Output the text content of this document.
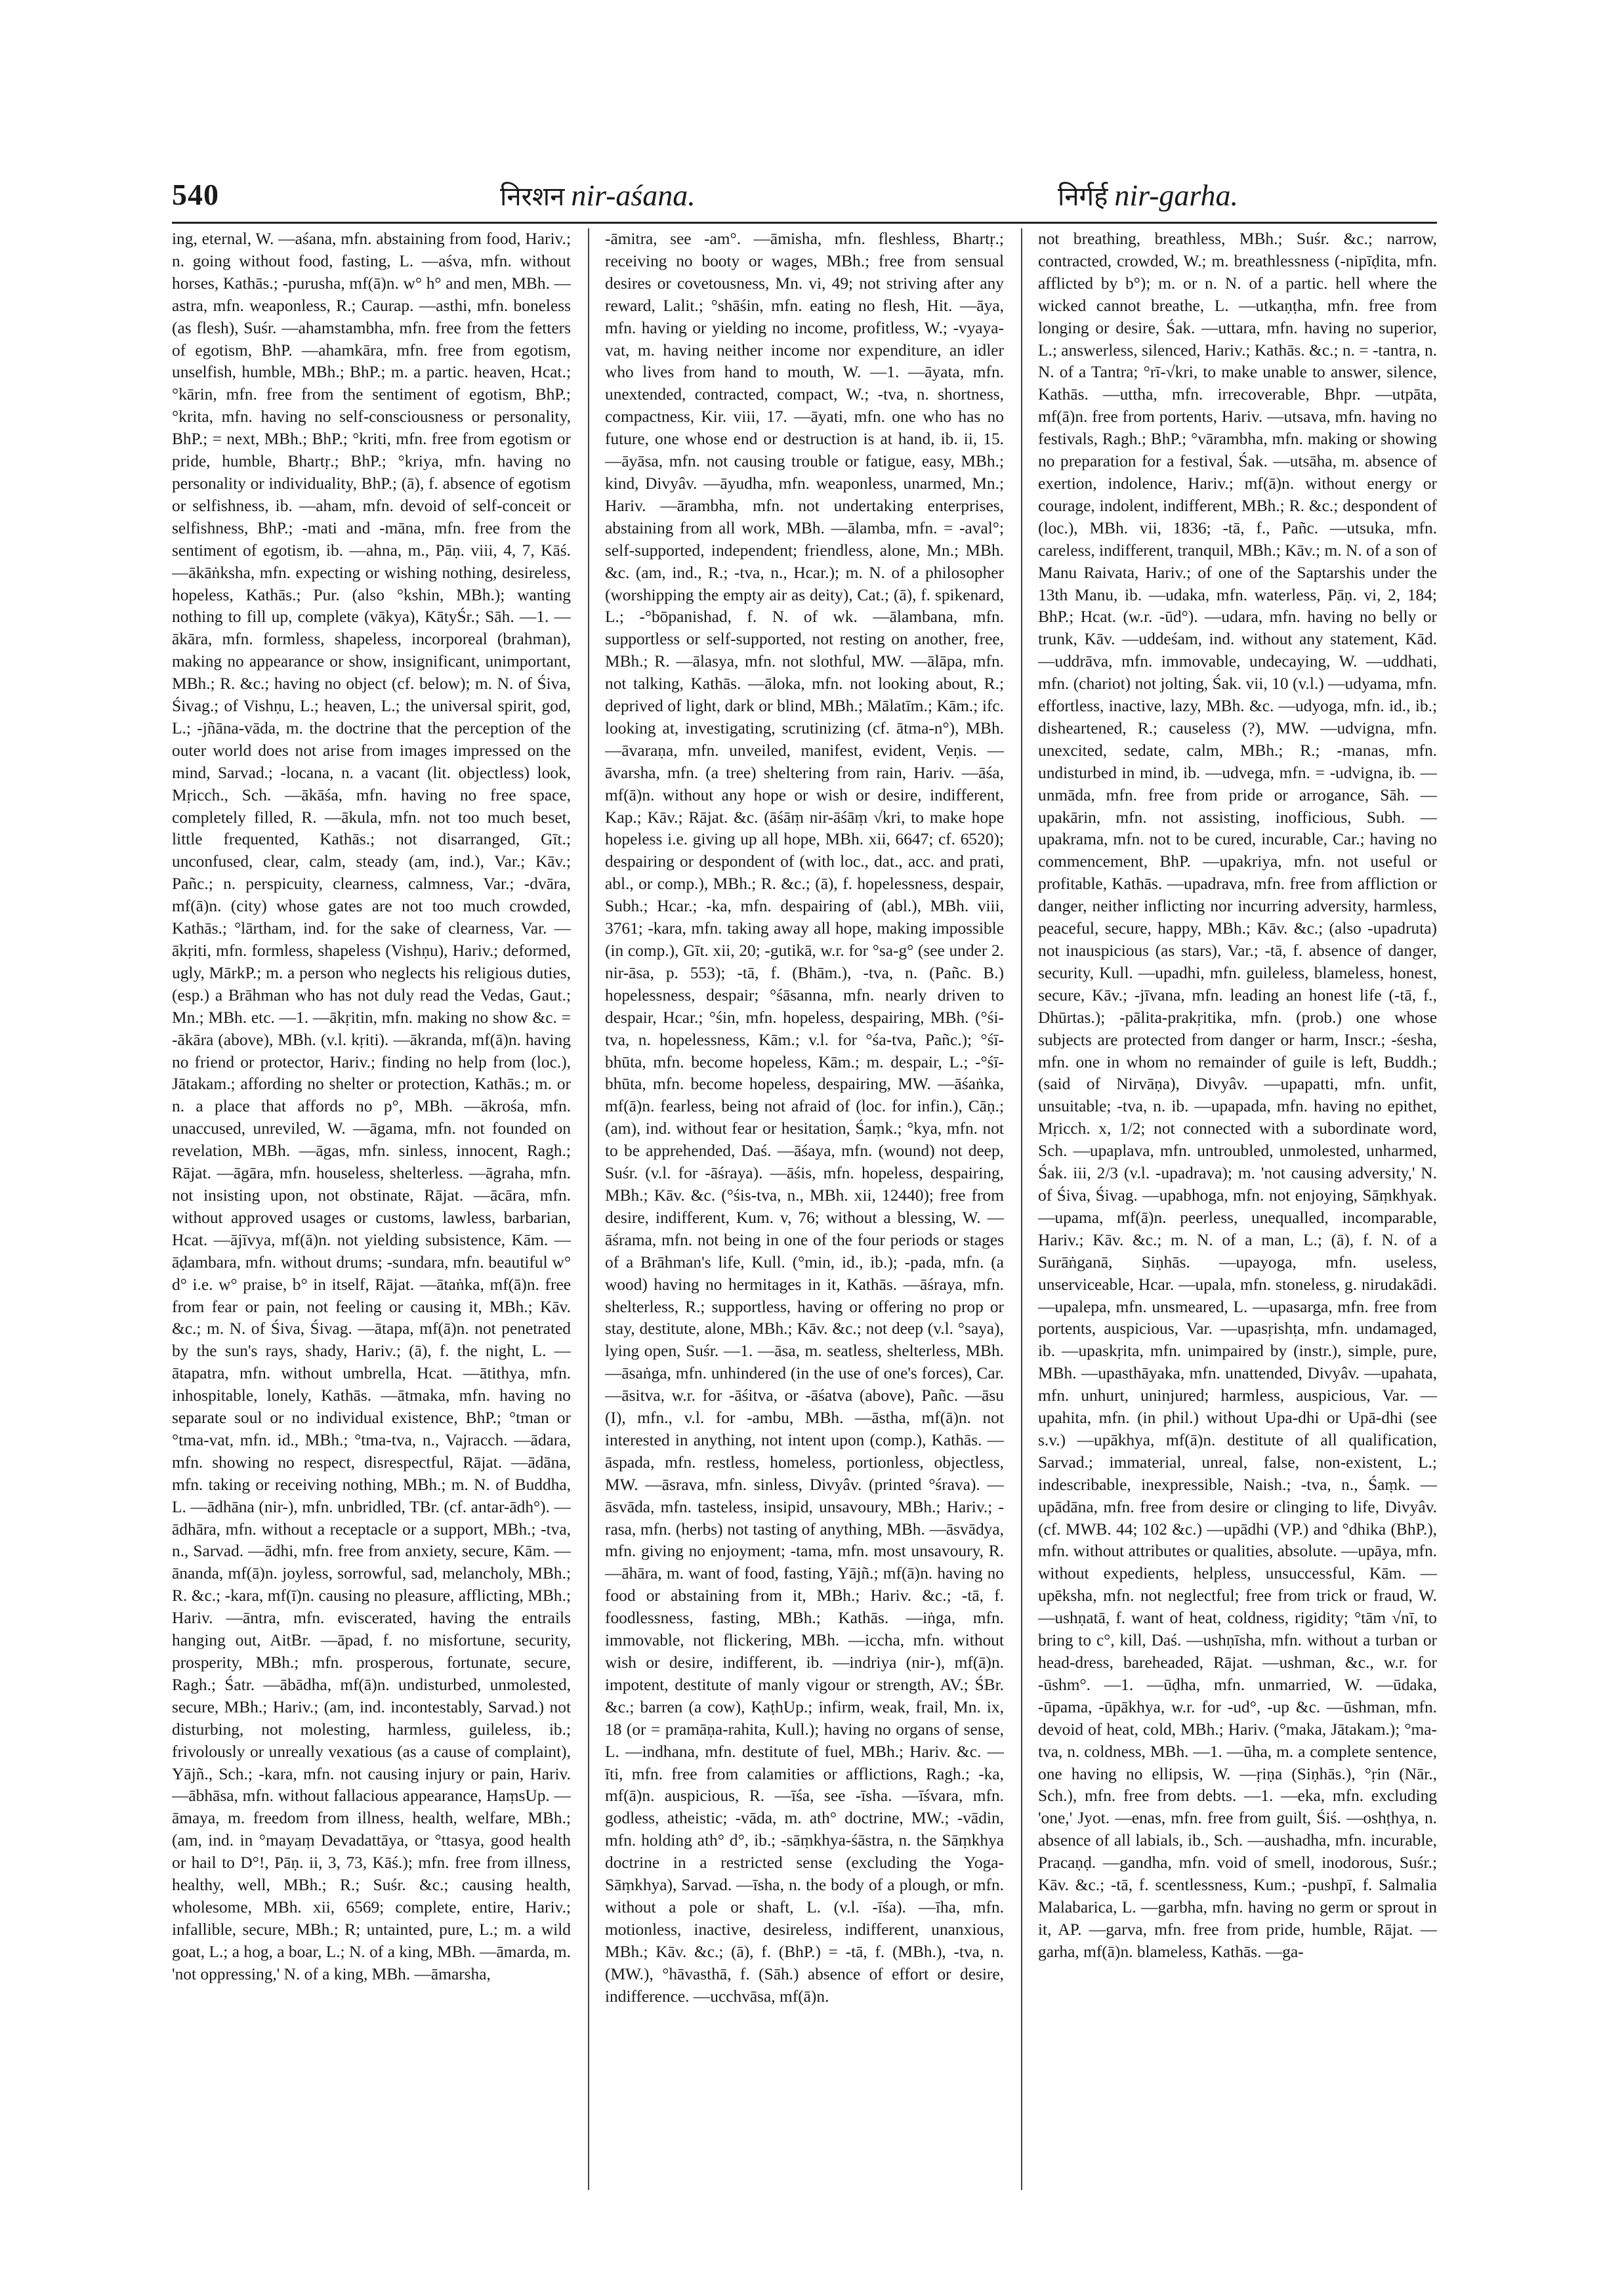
540	निरशन nir-aśana.	निर्गर्ह nir-garha.

ing, eternal, W. —aśana, mfn. abstaining from food, Hariv.; n. going without food, fasting, L. —aśva, mfn. without horses, Kathās.; -purusha, mf(ā)n. w° h° and men, MBh. —astra, mfn. weaponless, R.; Caurap. —asthi, mfn. boneless (as flesh), Suśr. —ahamstambha, mfn. free from the fetters of egotism, BhP. —ahamkāra, mfn. free from egotism, unselfish, humble, MBh.; BhP.; m. a partic. heaven, Hcat.; °kārin, mfn. free from the sentiment of egotism, BhP.; °krita, mfn. having no self-consciousness or personality, BhP.; = next, MBh.; BhP.; °kriti, mfn. free from egotism or pride, humble, Bhartṛ.; BhP.; °kriya, mfn. having no personality or individuality, BhP.; (ā), f. absence of egotism or selfishness, ib. —aham, mfn. devoid of self-conceit or selfishness, BhP.; -mati and -māna, mfn. free from the sentiment of egotism, ib. —ahna, m., Pāṇ. viii, 4, 7, Kāś. —ākāṅksha, mfn. expecting or wishing nothing, desireless, hopeless, Kathās.; Pur. (also °kshin, MBh.); wanting nothing to fill up, complete (vākya), KātyŚr.; Sāh. —1. —ākāra, mfn. formless, shapeless, incorporeal (brahman), making no appearance or show, insignificant, unimportant, MBh.; R. &c.; having no object (cf. below); m. N. of Śiva, Śivag.; of Vishṇu, L.; heaven, L.; the universal spirit, god, L.; -jñāna-vāda, m. the doctrine that the perception of the outer world does not arise from images impressed on the mind, Sarvad.; -locana, n. a vacant (lit. objectless) look, Mṛicch., Sch. —ākāśa, mfn. having no free space, completely filled, R. —ākula, mfn. not too much beset, little frequented, Kathās.; not disarranged, Gīt.; unconfused, clear, calm, steady (am, ind.), Var.; Kāv.; Pañc.; n. perspicuity, clearness, calmness, Var.; -dvāra, mf(ā)n. (city) whose gates are not too much crowded, Kathās.; °lārtham, ind. for the sake of clearness, Var. —ākṛiti, mfn. formless, shapeless (Vishṇu), Hariv.; deformed, ugly, MārkP.; m. a person who neglects his religious duties, (esp.) a Brāhman who has not duly read the Vedas, Gaut.; Mn.; MBh. etc. —1. —ākṛitin, mfn. making no show &c. = -ākāra (above), MBh. (v.l. kṛiti). —ākranda, mf(ā)n. having no friend or protector, Hariv.; finding no help from (loc.), Jātakam.; affording no shelter or protection, Kathās.; m. or n. a place that affords no p°, MBh. —ākrośa, mfn. unaccused, unreviled, W. —āgama, mfn. not founded on revelation, MBh. —āgas, mfn. sinless, innocent, Ragh.; Rājat. —āgāra, mfn. houseless, shelterless. —āgraha, mfn. not insisting upon, not obstinate, Rājat. —ācāra, mfn. without approved usages or customs, lawless, barbarian, Hcat. —ājīvya, mf(ā)n. not yielding subsistence, Kām. —āḍambara, mfn. without drums; -sundara, mfn. beautiful w° d° i.e. w° praise, b° in itself, Rājat. —ātaṅka, mf(ā)n. free from fear or pain, not feeling or causing it, MBh.; Kāv. &c.; m. N. of Śiva, Śivag. —ātapa, mf(ā)n. not penetrated by the sun's rays, shady, Hariv.; (ā), f. the night, L. —ātapatra, mfn. without umbrella, Hcat. —ātithya, mfn. inhospitable, lonely, Kathās. —ātmaka, mfn. having no separate soul or no individual existence, BhP.; °tman or °tma-vat, mfn. id., MBh.; °tma-tva, n., Vajracch. —ādara, mfn. showing no respect, disrespectful, Rājat. —ādāna, mfn. taking or receiving nothing, MBh.; m. N. of Buddha, L. —ādhāna (nir-), mfn. unbridled, TBr. (cf. antar-ādh°). —ādhāra, mfn. without a receptacle or a support, MBh.; -tva, n., Sarvad. —ādhi, mfn. free from anxiety, secure, Kām. —ānanda, mf(ā)n. joyless, sorrowful, sad, melancholy, MBh.; R. &c.; -kara, mf(ī)n. causing no pleasure, afflicting, MBh.; Hariv. —āntra, mfn. eviscerated, having the entrails hanging out, AitBr. —āpad, f. no misfortune, security, prosperity, MBh.; mfn. prosperous, fortunate, secure, Ragh.; Śatr. —ābādha, mf(ā)n. undisturbed, unmolested, secure, MBh.; Hariv.; (am, ind. incontestably, Sarvad.) not disturbing, not molesting, harmless, guileless, ib.; frivolously or unreally vexatious (as a cause of complaint), Yājñ., Sch.; -kara, mfn. not causing injury or pain, Hariv. —ābhāsa, mfn. without fallacious appearance, HaṃsUp. —āmaya, m. freedom from illness, health, welfare, MBh.; (am, ind. in °mayaṃ Devadattāya, or °ttasya, good health or hail to D°!, Pāṇ. ii, 3, 73, Kāś.); mfn. free from illness, healthy, well, MBh.; R.; Suśr. &c.; causing health, wholesome, MBh. xii, 6569; complete, entire, Hariv.; infallible, secure, MBh.; R; untainted, pure, L.; m. a wild goat, L.; a hog, a boar, L.; N. of a king, MBh. —āmarda, m. 'not oppressing,' N. of a king, MBh. —āmarsha,

-āmitra, see -am°. —āmisha, mfn. fleshless, Bhartṛ.; receiving no booty or wages, MBh.; free from sensual desires or covetousness, Mn. vi, 49; not striving after any reward, Lalit.; °shāśin, mfn. eating no flesh, Hit. —āya, mfn. having or yielding no income, profitless, W.; -vyaya-vat, m. having neither income nor expenditure, an idler who lives from hand to mouth, W. —1. —āyata, mfn. unextended, contracted, compact, W.; -tva, n. shortness, compactness, Kir. viii, 17. —āyati, mfn. one who has no future, one whose end or destruction is at hand, ib. ii, 15. —āyāsa, mfn. not causing trouble or fatigue, easy, MBh.; kind, Divyâv. —āyudha, mfn. weaponless, unarmed, Mn.; Hariv. —ārambha, mfn. not undertaking enterprises, abstaining from all work, MBh. —ālamba, mfn. = -aval°; self-supported, independent; friendless, alone, Mn.; MBh. &c. (am, ind., R.; -tva, n., Hcar.); m. N. of a philosopher (worshipping the empty air as deity), Cat.; (ā), f. spikenard, L.; -°bōpanishad, f. N. of wk. —ālambana, mfn. supportless or self-supported, not resting on another, free, MBh.; R. —ālasya, mfn. not slothful, MW. —ālāpa, mfn. not talking, Kathās. —āloka, mfn. not looking about, R.; deprived of light, dark or blind, MBh.; Mālatīm.; Kām.; ifc. looking at, investigating, scrutinizing (cf. ātma-n°), MBh. —āvaraṇa, mfn. unveiled, manifest, evident, Veṇis. —āvarsha, mfn. (a tree) sheltering from rain, Hariv. —āśa, mf(ā)n. without any hope or wish or desire, indifferent, Kap.; Kāv.; Rājat. &c. (āśāṃ nir-āśāṃ √kri, to make hope hopeless i.e. giving up all hope, MBh. xii, 6647; cf. 6520); despairing or despondent of (with loc., dat., acc. and prati, abl., or comp.), MBh.; R. &c.; (ā), f. hopelessness, despair, Subh.; Hcar.; -ka, mfn. despairing of (abl.), MBh. viii, 3761; -kara, mfn. taking away all hope, making impossible (in comp.), Gīt. xii, 20; -gutikā, w.r. for °sa-g° (see under 2. nir-āsa, p. 553); -tā, f. (Bhām.), -tva, n. (Pañc. B.) hopelessness, despair; °śāsanna, mfn. nearly driven to despair, Hcar.; °śin, mfn. hopeless, despairing, MBh. (°śi-tva, n. hopelessness, Kām.; v.l. for °śa-tva, Pañc.); °śī-bhūta, mfn. become hopeless, Kām.; m. despair, L.; -°śī-bhūta, mfn. become hopeless, despairing, MW. —āśaṅka, mf(ā)n. fearless, being not afraid of (loc. for infin.), Cāṇ.; (am), ind. without fear or hesitation, Śaṃk.; °kya, mfn. not to be apprehended, Daś. —āśaya, mfn. (wound) not deep, Suśr. (v.l. for -āśraya). —āśis, mfn. hopeless, despairing, MBh.; Kāv. &c. (°śis-tva, n., MBh. xii, 12440); free from desire, indifferent, Kum. v, 76; without a blessing, W. —āśrama, mfn. not being in one of the four periods or stages of a Brāhman's life, Kull. (°min, id., ib.); -pada, mfn. (a wood) having no hermitages in it, Kathās. —āśraya, mfn. shelterless, R.; supportless, having or offering no prop or stay, destitute, alone, MBh.; Kāv. &c.; not deep (v.l. °saya), lying open, Suśr. —1. —āsa, m. seatless, shelterless, MBh. —āsaṅga, mfn. unhindered (in the use of one's forces), Car. —āsitva, w.r. for -āśitva, or -āśatva (above), Pañc. —āsu (I), mfn., v.l. for -ambu, MBh. —āstha, mf(ā)n. not interested in anything, not intent upon (comp.), Kathās. —āspada, mfn. restless, homeless, portionless, objectless, MW. —āsrava, mfn. sinless, Divyâv. (printed °śrava). —āsvāda, mfn. tasteless, insipid, unsavoury, MBh.; Hariv.; -rasa, mfn. (herbs) not tasting of anything, MBh. —āsvādya, mfn. giving no enjoyment; -tama, mfn. most unsavoury, R. —āhāra, m. want of food, fasting, Yājñ.; mf(ā)n. having no food or abstaining from it, MBh.; Hariv. &c.; -tā, f. foodlessness, fasting, MBh.; Kathās. —iṅga, mfn. immovable, not flickering, MBh. —iccha, mfn. without wish or desire, indifferent, ib. —indriya (nir-), mf(ā)n. impotent, destitute of manly vigour or strength, AV.; ŚBr. &c.; barren (a cow), KaṭhUp.; infirm, weak, frail, Mn. ix, 18 (or = pramāṇa-rahita, Kull.); having no organs of sense, L. —indhana, mfn. destitute of fuel, MBh.; Hariv. &c. —īti, mfn. free from calamities or afflictions, Ragh.; -ka, mf(ā)n. auspicious, R. —īśa, see -īsha. —īśvara, mfn. godless, atheistic; -vāda, m. ath° doctrine, MW.; -vādin, mfn. holding ath° d°, ib.; -sāṃkhya-śāstra, n. the Sāṃkhya doctrine in a restricted sense (excluding the Yoga-Sāṃkhya), Sarvad. —īsha, n. the body of a plough, or mfn. without a pole or shaft, L. (v.l. -īśa). —īha, mfn. motionless, inactive, desireless, indifferent, unanxious, MBh.; Kāv. &c.; (ā), f. (BhP.) = -tā, f. (MBh.), -tva, n. (MW.), °hāvasthā, f. (Sāh.) absence of effort or desire, indifference. —ucchvāsa, mf(ā)n.

not breathing, breathless, MBh.; Suśr. &c.; narrow, contracted, crowded, W.; m. breathlessness (-nipīḍita, mfn. afflicted by b°); m. or n. N. of a partic. hell where the wicked cannot breathe, L. —utkaṇṭha, mfn. free from longing or desire, Śak. —uttara, mfn. having no superior, L.; answerless, silenced, Hariv.; Kathās. &c.; n. = -tantra, n. N. of a Tantra; °rī-√kri, to make unable to answer, silence, Kathās. —uttha, mfn. irrecoverable, Bhpr. —utpāta, mf(ā)n. free from portents, Hariv. —utsava, mfn. having no festivals, Ragh.; BhP.; °vārambha, mfn. making or showing no preparation for a festival, Śak. —utsāha, m. absence of exertion, indolence, Hariv.; mf(ā)n. without energy or courage, indolent, indifferent, MBh.; R. &c.; despondent of (loc.), MBh. vii, 1836; -tā, f., Pañc. —utsuka, mfn. careless, indifferent, tranquil, MBh.; Kāv.; m. N. of a son of Manu Raivata, Hariv.; of one of the Saptarshis under the 13th Manu, ib. —udaka, mfn. waterless, Pāṇ. vi, 2, 184; BhP.; Hcat. (w.r. -ūd°). —udara, mfn. having no belly or trunk, Kāv. —uddeśam, ind. without any statement, Kād. —uddrāva, mfn. immovable, undecaying, W. —uddhati, mfn. (chariot) not jolting, Śak. vii, 10 (v.l.) —udyama, mfn. effortless, inactive, lazy, MBh. &c. —udyoga, mfn. id., ib.; disheartened, R.; causeless (?), MW. —udvigna, mfn. unexcited, sedate, calm, MBh.; R.; -manas, mfn. undisturbed in mind, ib. —udvega, mfn. = -udvigna, ib. —unmāda, mfn. free from pride or arrogance, Sāh. —upakārin, mfn. not assisting, inofficious, Subh. —upakrama, mfn. not to be cured, incurable, Car.; having no commencement, BhP. —upakriya, mfn. not useful or profitable, Kathās. —upadrava, mfn. free from affliction or danger, neither inflicting nor incurring adversity, harmless, peaceful, secure, happy, MBh.; Kāv. &c.; (also -upadruta) not inauspicious (as stars), Var.; -tā, f. absence of danger, security, Kull. —upadhi, mfn. guileless, blameless, honest, secure, Kāv.; -jīvana, mfn. leading an honest life (-tā, f., Dhūrtas.); -pālita-prakṛitika, mfn. (prob.) one whose subjects are protected from danger or harm, Inscr.; -śesha, mfn. one in whom no remainder of guile is left, Buddh.; (said of Nirvāṇa), Divyâv. —upapatti, mfn. unfit, unsuitable; -tva, n. ib. —upapada, mfn. having no epithet, Mṛicch. x, 1/2; not connected with a subordinate word, Sch. —upaplava, mfn. untroubled, unmolested, unharmed, Śak. iii, 2/3 (v.l. -upadrava); m. 'not causing adversity,' N. of Śiva, Śivag. —upabhoga, mfn. not enjoying, Sāṃkhyak. —upama, mf(ā)n. peerless, unequalled, incomparable, Hariv.; Kāv. &c.; m. N. of a man, L.; (ā), f. N. of a Surāṅganā, Siṇhās. —upayoga, mfn. useless, unserviceable, Hcar. —upala, mfn. stoneless, g. nirudakādi. —upalepa, mfn. unsmeared, L. —upasarga, mfn. free from portents, auspicious, Var. —upasṛishṭa, mfn. undamaged, ib. —upaskṛita, mfn. unimpaired by (instr.), simple, pure, MBh. —upasthāyaka, mfn. unattended, Divyâv. —upahata, mfn. unhurt, uninjured; harmless, auspicious, Var. —upahita, mfn. (in phil.) without Upa-dhi or Upā-dhi (see s.v.) —upākhya, mf(ā)n. destitute of all qualification, Sarvad.; immaterial, unreal, false, non-existent, L.; indescribable, inexpressible, Naish.; -tva, n., Śaṃk. —upādāna, mfn. free from desire or clinging to life, Divyâv. (cf. MWB. 44; 102 &c.) —upādhi (VP.) and °dhika (BhP.), mfn. without attributes or qualities, absolute. —upāya, mfn. without expedients, helpless, unsuccessful, Kām. —upēksha, mfn. not neglectful; free from trick or fraud, W. —ushṇatā, f. want of heat, coldness, rigidity; °tām √nī, to bring to c°, kill, Daś. —ushṇīsha, mfn. without a turban or head-dress, bareheaded, Rājat. —ushman, &c., w.r. for -ūshm°. —1. —ūḍha, mfn. unmarried, W. —ūdaka, -ūpama, -ūpākhya, w.r. for -ud°, -up &c. —ūshman, mfn. devoid of heat, cold, MBh.; Hariv. (°maka, Jātakam.); °ma-tva, n. coldness, MBh. —1. —ūha, m. a complete sentence, one having no ellipsis, W. —ṛiṇa (Siṇhās.), °ṛin (Nār., Sch.), mfn. free from debts. —1. —eka, mfn. excluding 'one,' Jyot. —enas, mfn. free from guilt, Śiś. —oshṭhya, n. absence of all labials, ib., Sch. —aushadha, mfn. incurable, Pracaṇḍ. —gandha, mfn. void of smell, inodorous, Suśr.; Kāv. &c.; -tā, f. scentlessness, Kum.; -pushpī, f. Salmalia Malabarica, L. —garbha, mfn. having no germ or sprout in it, AP. —garva, mfn. free from pride, humble, Rājat. —garha, mf(ā)n. blameless, Kathās. —ga-
